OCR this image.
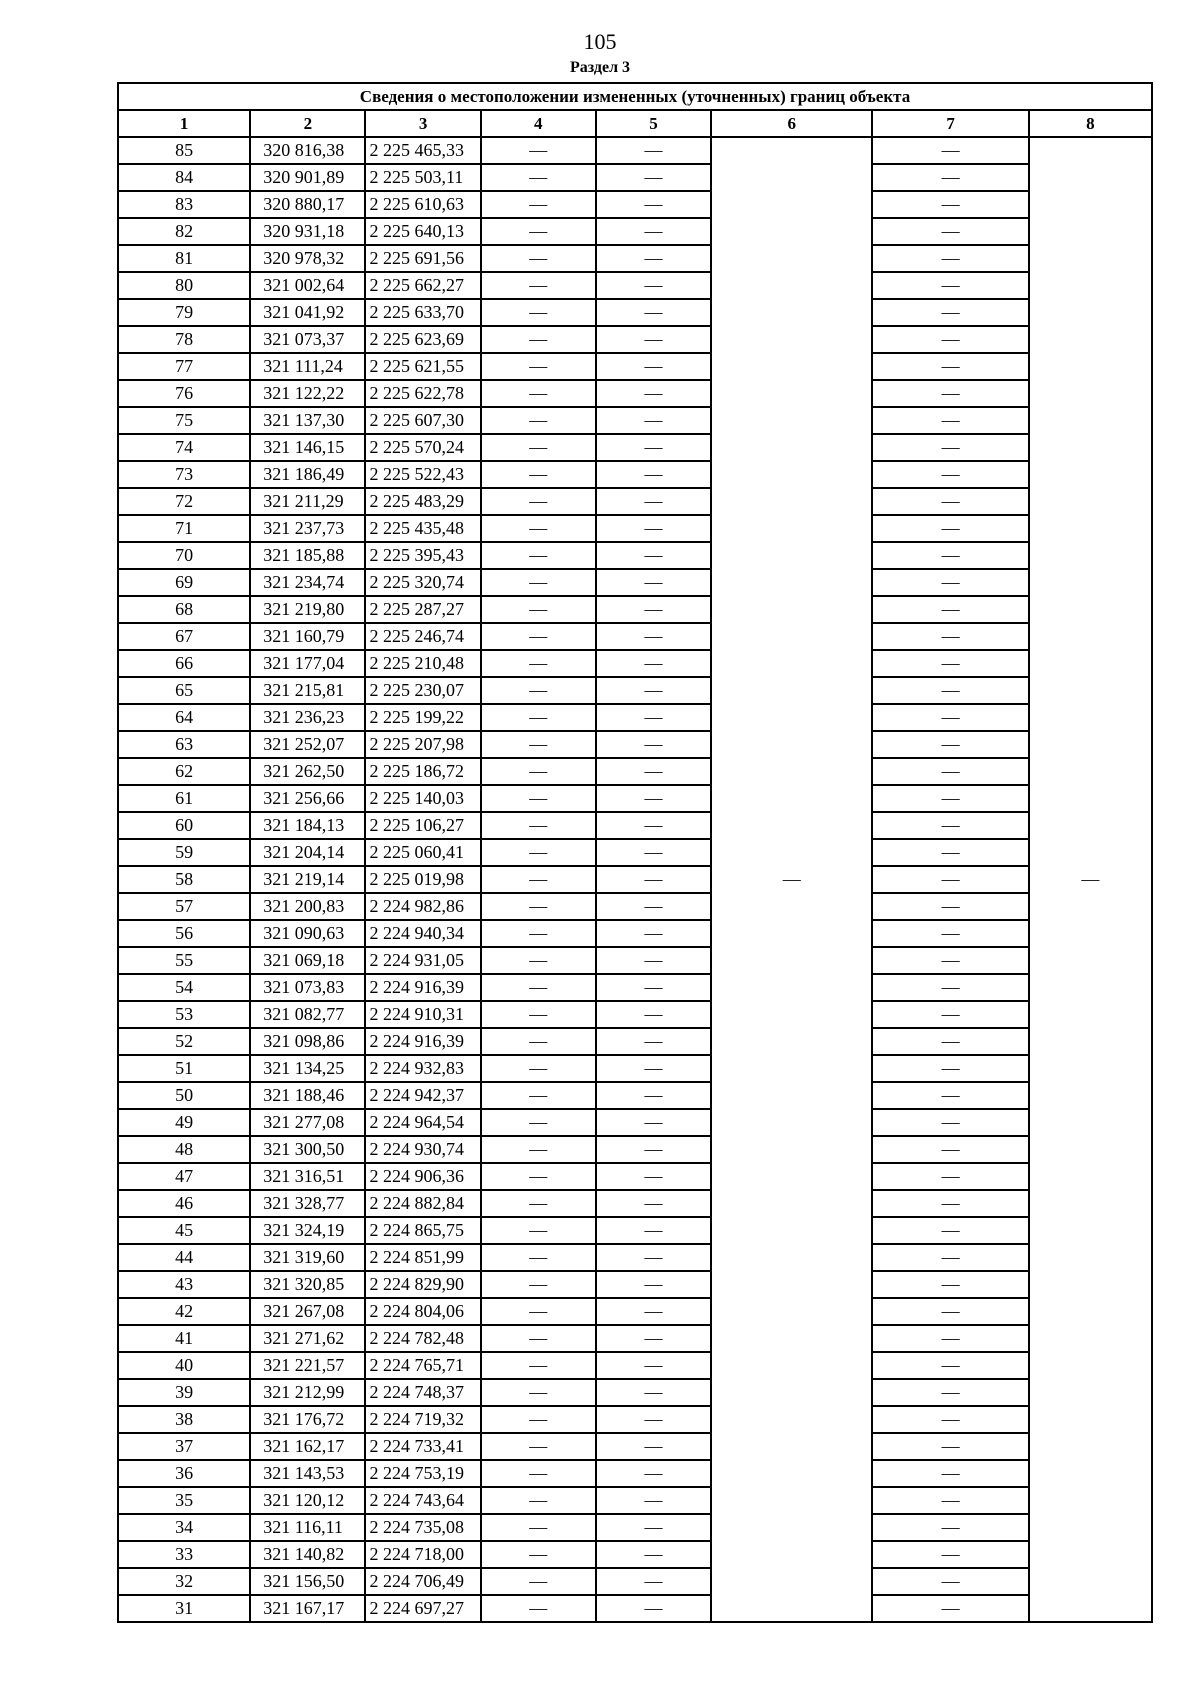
105
Раздел 3
Сведения о местоположении измененных (уточненных) границ объекта							
1	2	3	4	5	6	7	8
85	320 816,38	2 225 465,33	—	—	—	—	—
84	320 901,89	2 225 503,11	—	—		—	
83	320 880,17	2 225 610,63	—	—		—	
82	320 931,18	2 225 640,13	—	—		—	
81	320 978,32	2 225 691,56	—	—		—	
80	321 002,64	2 225 662,27	—	—		—	
79	321 041,92	2 225 633,70	—	—		—	
78	321 073,37	2 225 623,69	—	—		—	
77	321 111,24	2 225 621,55	—	—		—	
76	321 122,22	2 225 622,78	—	—		—	
75	321 137,30	2 225 607,30	—	—		—	
74	321 146,15	2 225 570,24	—	—		—	
73	321 186,49	2 225 522,43	—	—		—	
72	321 211,29	2 225 483,29	—	—		—	
71	321 237,73	2 225 435,48	—	—		—	
70	321 185,88	2 225 395,43	—	—		—	
69	321 234,74	2 225 320,74	—	—		—	
68	321 219,80	2 225 287,27	—	—		—	
67	321 160,79	2 225 246,74	—	—		—	
66	321 177,04	2 225 210,48	—	—		—	
65	321 215,81	2 225 230,07	—	—		—	
64	321 236,23	2 225 199,22	—	—		—	
63	321 252,07	2 225 207,98	—	—		—	
62	321 262,50	2 225 186,72	—	—		—	
61	321 256,66	2 225 140,03	—	—		—	
60	321 184,13	2 225 106,27	—	—		—	
59	321 204,14	2 225 060,41	—	—		—	
58	321 219,14	2 225 019,98	—	—		—	
57	321 200,83	2 224 982,86	—	—		—	
56	321 090,63	2 224 940,34	—	—		—	
55	321 069,18	2 224 931,05	—	—		—	
54	321 073,83	2 224 916,39	—	—		—	
53	321 082,77	2 224 910,31	—	—		—	
52	321 098,86	2 224 916,39	—	—		—	
51	321 134,25	2 224 932,83	—	—		—	
50	321 188,46	2 224 942,37	—	—		—	
49	321 277,08	2 224 964,54	—	—		—	
48	321 300,50	2 224 930,74	—	—		—	
47	321 316,51	2 224 906,36	—	—		—	
46	321 328,77	2 224 882,84	—	—		—	
45	321 324,19	2 224 865,75	—	—		—	
44	321 319,60	2 224 851,99	—	—		—	
43	321 320,85	2 224 829,90	—	—		—	
42	321 267,08	2 224 804,06	—	—		—	
41	321 271,62	2 224 782,48	—	—		—	
40	321 221,57	2 224 765,71	—	—		—	
39	321 212,99	2 224 748,37	—	—		—	
38	321 176,72	2 224 719,32	—	—		—	
37	321 162,17	2 224 733,41	—	—		—	
36	321 143,53	2 224 753,19	—	—		—	
35	321 120,12	2 224 743,64	—	—		—	
34	321 116,11	2 224 735,08	—	—		—	
33	321 140,82	2 224 718,00	—	—		—	
32	321 156,50	2 224 706,49	—	—		—	
31	321 167,17	2 224 697,27	—	—		—	
